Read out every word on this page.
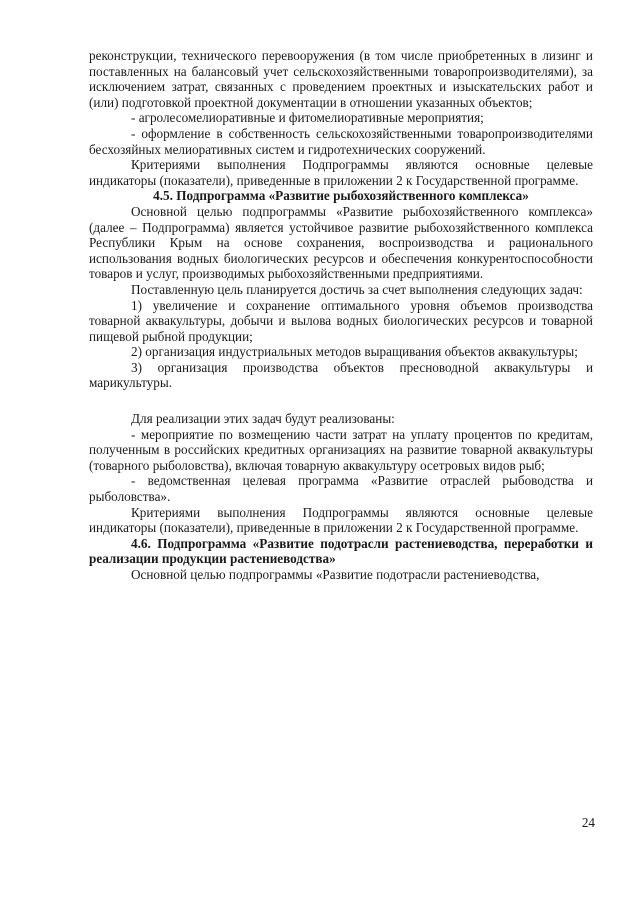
реконструкции, технического перевооружения (в том числе приобретенных в лизинг и поставленных на балансовый учет сельскохозяйственными товаропроизводителями), за исключением затрат, связанных с проведением проектных и изыскательских работ и (или) подготовкой проектной документации в отношении указанных объектов;

- агролесомелиоративные и фитомелиоративные мероприятия;

- оформление в собственность сельскохозяйственными товаропроизводителями бесхозяйных мелиоративных систем и гидротехнических сооружений.

Критериями выполнения Подпрограммы являются основные целевые индикаторы (показатели), приведенные в приложении 2 к Государственной программе.

4.5. Подпрограмма «Развитие рыбохозяйственного комплекса»

Основной целью подпрограммы «Развитие рыбохозяйственного комплекса» (далее – Подпрограмма) является устойчивое развитие рыбохозяйственного комплекса Республики Крым на основе сохранения, воспроизводства и рационального использования водных биологических ресурсов и обеспечения конкурентоспособности товаров и услуг, производимых рыбохозяйственными предприятиями.

Поставленную цель планируется достичь за счет выполнения следующих задач:

1) увеличение и сохранение оптимального уровня объемов производства товарной аквакультуры, добычи и вылова водных биологических ресурсов и товарной пищевой рыбной продукции;

2) организация индустриальных методов выращивания объектов аквакультуры;

3) организация производства объектов пресноводной аквакультуры и марикультуры.

Для реализации этих задач будут реализованы:

- мероприятие по возмещению части затрат на уплату процентов по кредитам, полученным в российских кредитных организациях на развитие товарной аквакультуры (товарного рыболовства), включая товарную аквакультуру осетровых видов рыб;

- ведомственная целевая программа «Развитие отраслей рыбоводства и рыболовства».

Критериями выполнения Подпрограммы являются основные целевые индикаторы (показатели), приведенные в приложении 2 к Государственной программе.

4.6. Подпрограмма «Развитие подотрасли растениеводства, переработки и реализации продукции растениеводства»

Основной целью подпрограммы «Развитие подотрасли растениеводства,

24
